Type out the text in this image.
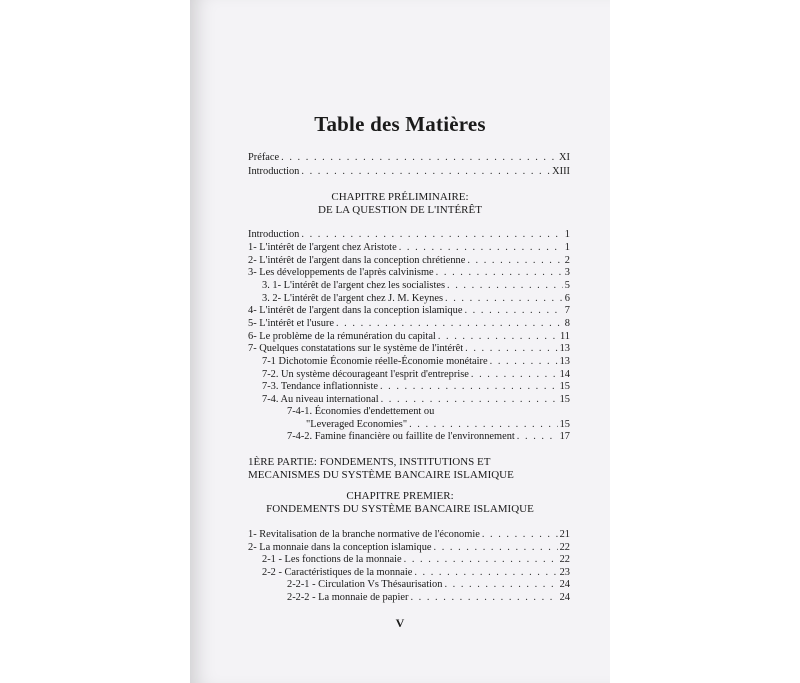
Table des Matières
Préface . . .	XI
Introduction . . .	XIII
CHAPITRE PRÉLIMINAIRE:
DE LA QUESTION DE L'INTÉRÊT
Introduction . . .	1
1- L'intérêt de l'argent chez Aristote . . .	1
2- L'intérêt de l'argent dans la conception chrétienne . . .	2
3- Les développements de l'après calvinisme . . .	3
3. 1- L'intérêt de l'argent chez les socialistes . . .	5
3. 2- L'intérêt de l'argent chez J. M. Keynes . . .	6
4- L'intérêt de l'argent dans la conception islamique . . .	7
5- L'intérêt et l'usure . . .	8
6- Le problème de la rémunération du capital . . .	11
7- Quelques constatations sur le système de l'intérêt . . .	13
7-1 Dichotomie Économie réelle-Économie monétaire . . .	13
7-2. Un système décourageant l'esprit d'entreprise . . .	14
7-3. Tendance inflationniste . . .	15
7-4. Au niveau international . . .	15
7-4-1. Économies d'endettement ou
"Leveraged Economies" . . .	15
7-4-2. Famine financière ou faillite de l'environnement . . .	17
1ÈRE PARTIE: FONDEMENTS, INSTITUTIONS ET
MECANISMES DU SYSTÈME BANCAIRE ISLAMIQUE
CHAPITRE PREMIER:
FONDEMENTS DU SYSTÈME BANCAIRE ISLAMIQUE
1- Revitalisation de la branche normative de l'économie . . .	21
2- La monnaie dans la conception islamique . . .	22
2-1 - Les fonctions de la monnaie . . .	22
2-2 - Caractéristiques de la monnaie . . .	23
2-2-1 - Circulation Vs Thésaurisation . . .	24
2-2-2 - La monnaie de papier . . .	24
V
